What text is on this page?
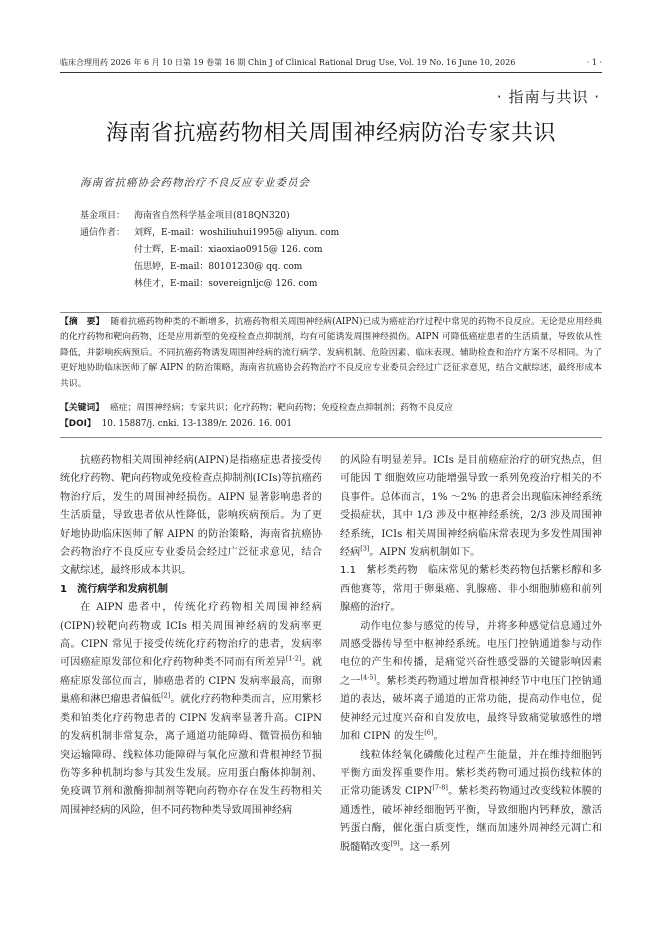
临床合理用药 2026 年 6 月 10 日第 19 卷第 16 期 Chin J of Clinical Rational Drug Use, Vol. 19 No. 16 June 10, 2026	· 1 ·
· 指南与共识 ·
海南省抗癌药物相关周围神经病防治专家共识
海南省抗癌协会药物治疗不良反应专业委员会
基金项目： 海南省自然科学基金项目(818QN320)
通信作者： 刘辉，E-mail：woshiliuhui1995@ aliyun. com
付士辉，E-mail：xiaoxiao0915@ 126. com
伍思婷，E-mail：80101230@ qq. com
林佳才，E-mail：sovereignljc@ 126. com
【摘　要】 随着抗癌药物种类的不断增多，抗癌药物相关周围神经病(AIPN)已成为癌症治疗过程中常见的药物不良反应。无论是应用经典的化疗药物和靶向药物，还是应用新型的免疫检查点抑制剂，均有可能诱发周围神经损伤。AIPN 可降低癌症患者的生活质量，导致依从性降低，并影响疾病预后。不同抗癌药物诱发周围神经病的流行病学、发病机制、危险因素、临床表现、辅助检查和治疗方案不尽相同。为了更好地协助临床医师了解 AIPN 的防治策略，海南省抗癌协会药物治疗不良反应专业委员会经过广泛征求意见，结合文献综述，最终形成本共识。
【关键词】 癌症；周围神经病；专家共识；化疗药物；靶向药物；免疫检查点抑制剂；药物不良反应
【DOI】 10. 15887/j. cnki. 13-1389/r. 2026. 16. 001

抗癌药物相关周围神经病(AIPN)是指癌症患者接受传统化疗药物、靶向药物或免疫检查点抑制剂(ICIs)等抗癌药物治疗后，发生的周围神经损伤。AIPN 显著影响患者的生活质量，导致患者依从性降低，影响疾病预后。为了更好地协助临床医师了解 AIPN 的防治策略，海南省抗癌协会药物治疗不良反应专业委员会经过广泛征求意见，结合文献综述，最终形成本共识。

1　流行病学和发病机制

在 AIPN 患者中，传统化疗药物相关周围神经病(CIPN)较靶向药物或 ICIs 相关周围神经病的发病率更高。CIPN 常见于接受传统化疗药物治疗的患者，发病率可因癌症原发部位和化疗药物种类不同而有所差异[1-2]。就癌症原发部位而言，肺癌患者的 CIPN 发病率最高，而卵巢癌和淋巴瘤患者偏低[2]。就化疗药物种类而言，应用紫杉类和铂类化疗药物患者的 CIPN 发病率显著升高。CIPN 的发病机制非常复杂，离子通道功能障碍、微管损伤和轴突运输障碍、线粒体功能障碍与氧化应激和背根神经节损伤等多种机制均参与其发生发展。应用蛋白酶体抑制剂、免疫调节剂和激酶抑制剂等靶向药物亦存在发生药物相关周围神经病的风险，但不同药物种类导致周围神经病

的风险有明显差异。ICIs 是目前癌症治疗的研究热点，但可能因 T 细胞效应功能增强导致一系列免疫治疗相关的不良事件。总体而言，1% ～2% 的患者会出现临床神经系统受损症状，其中 1/3 涉及中枢神经系统，2/3 涉及周围神经系统，ICIs 相关周围神经病临床常表现为多发性周围神经病[3]。AIPN 发病机制如下。

1.1　紫杉类药物　 临床常见的紫杉类药物包括紫杉醇和多西他赛等，常用于卵巢癌、乳腺癌、非小细胞肺癌和前列腺癌的治疗。

动作电位参与感觉的传导，并将多种感觉信息通过外周感受器传导至中枢神经系统。电压门控钠通道参与动作电位的产生和传播，是痛觉兴奋性感受器的关键影响因素之一[4-5]。紫杉类药物通过增加背根神经节中电压门控钠通道的表达，破坏离子通道的正常功能，提高动作电位，促使神经元过度兴奋和自发放电，最终导致痛觉敏感性的增加和 CIPN 的发生[6]。

线粒体经氧化磷酸化过程产生能量，并在维持细胞钙平衡方面发挥重要作用。紫杉类药物可通过损伤线粒体的正常功能诱发 CIPN[7-8]。紫杉类药物通过改变线粒体膜的通透性，破坏神经细胞钙平衡，导致细胞内钙释放，激活钙蛋白酶，催化蛋白质变性，继而加速外周神经元凋亡和脱髓鞘改变[9]。这一系列
